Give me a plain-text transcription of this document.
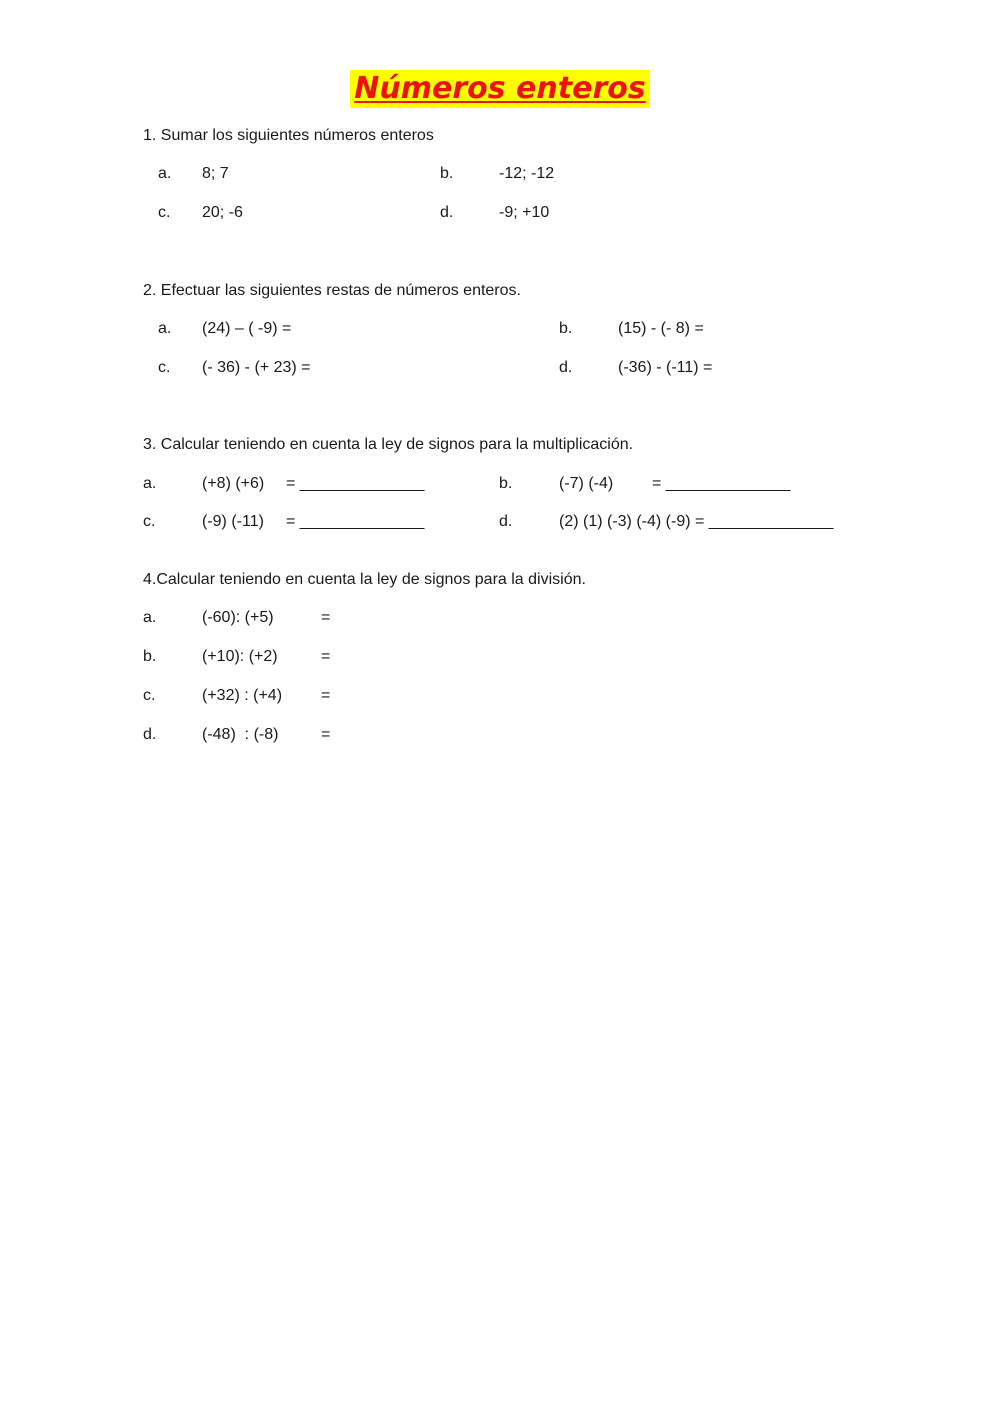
Números enteros
1. Sumar los siguientes números enteros
a. 8; 7	b.	-12; -12
c. 20; -6	d.	-9; +10
2. Efectuar las siguientes restas de números enteros.
a. (24) – ( -9) =	b.	(15) - (- 8) =
c. (- 36) - (+ 23) =	d.	(-36) - (-11) =
3. Calcular teniendo en cuenta la ley de signos para la multiplicación.
a.	(+8) (+6) = ______________	b.	(-7) (-4) = ______________
c.	(-9) (-11) = ______________	d.	(2) (1) (-3) (-4) (-9) = ______________
4.Calcular teniendo en cuenta la ley de signos para la división.
a.	(-60): (+5)	=
b.	(+10): (+2)	=
c.	(+32) : (+4) =
d.	(-48)  : (-8)	=
